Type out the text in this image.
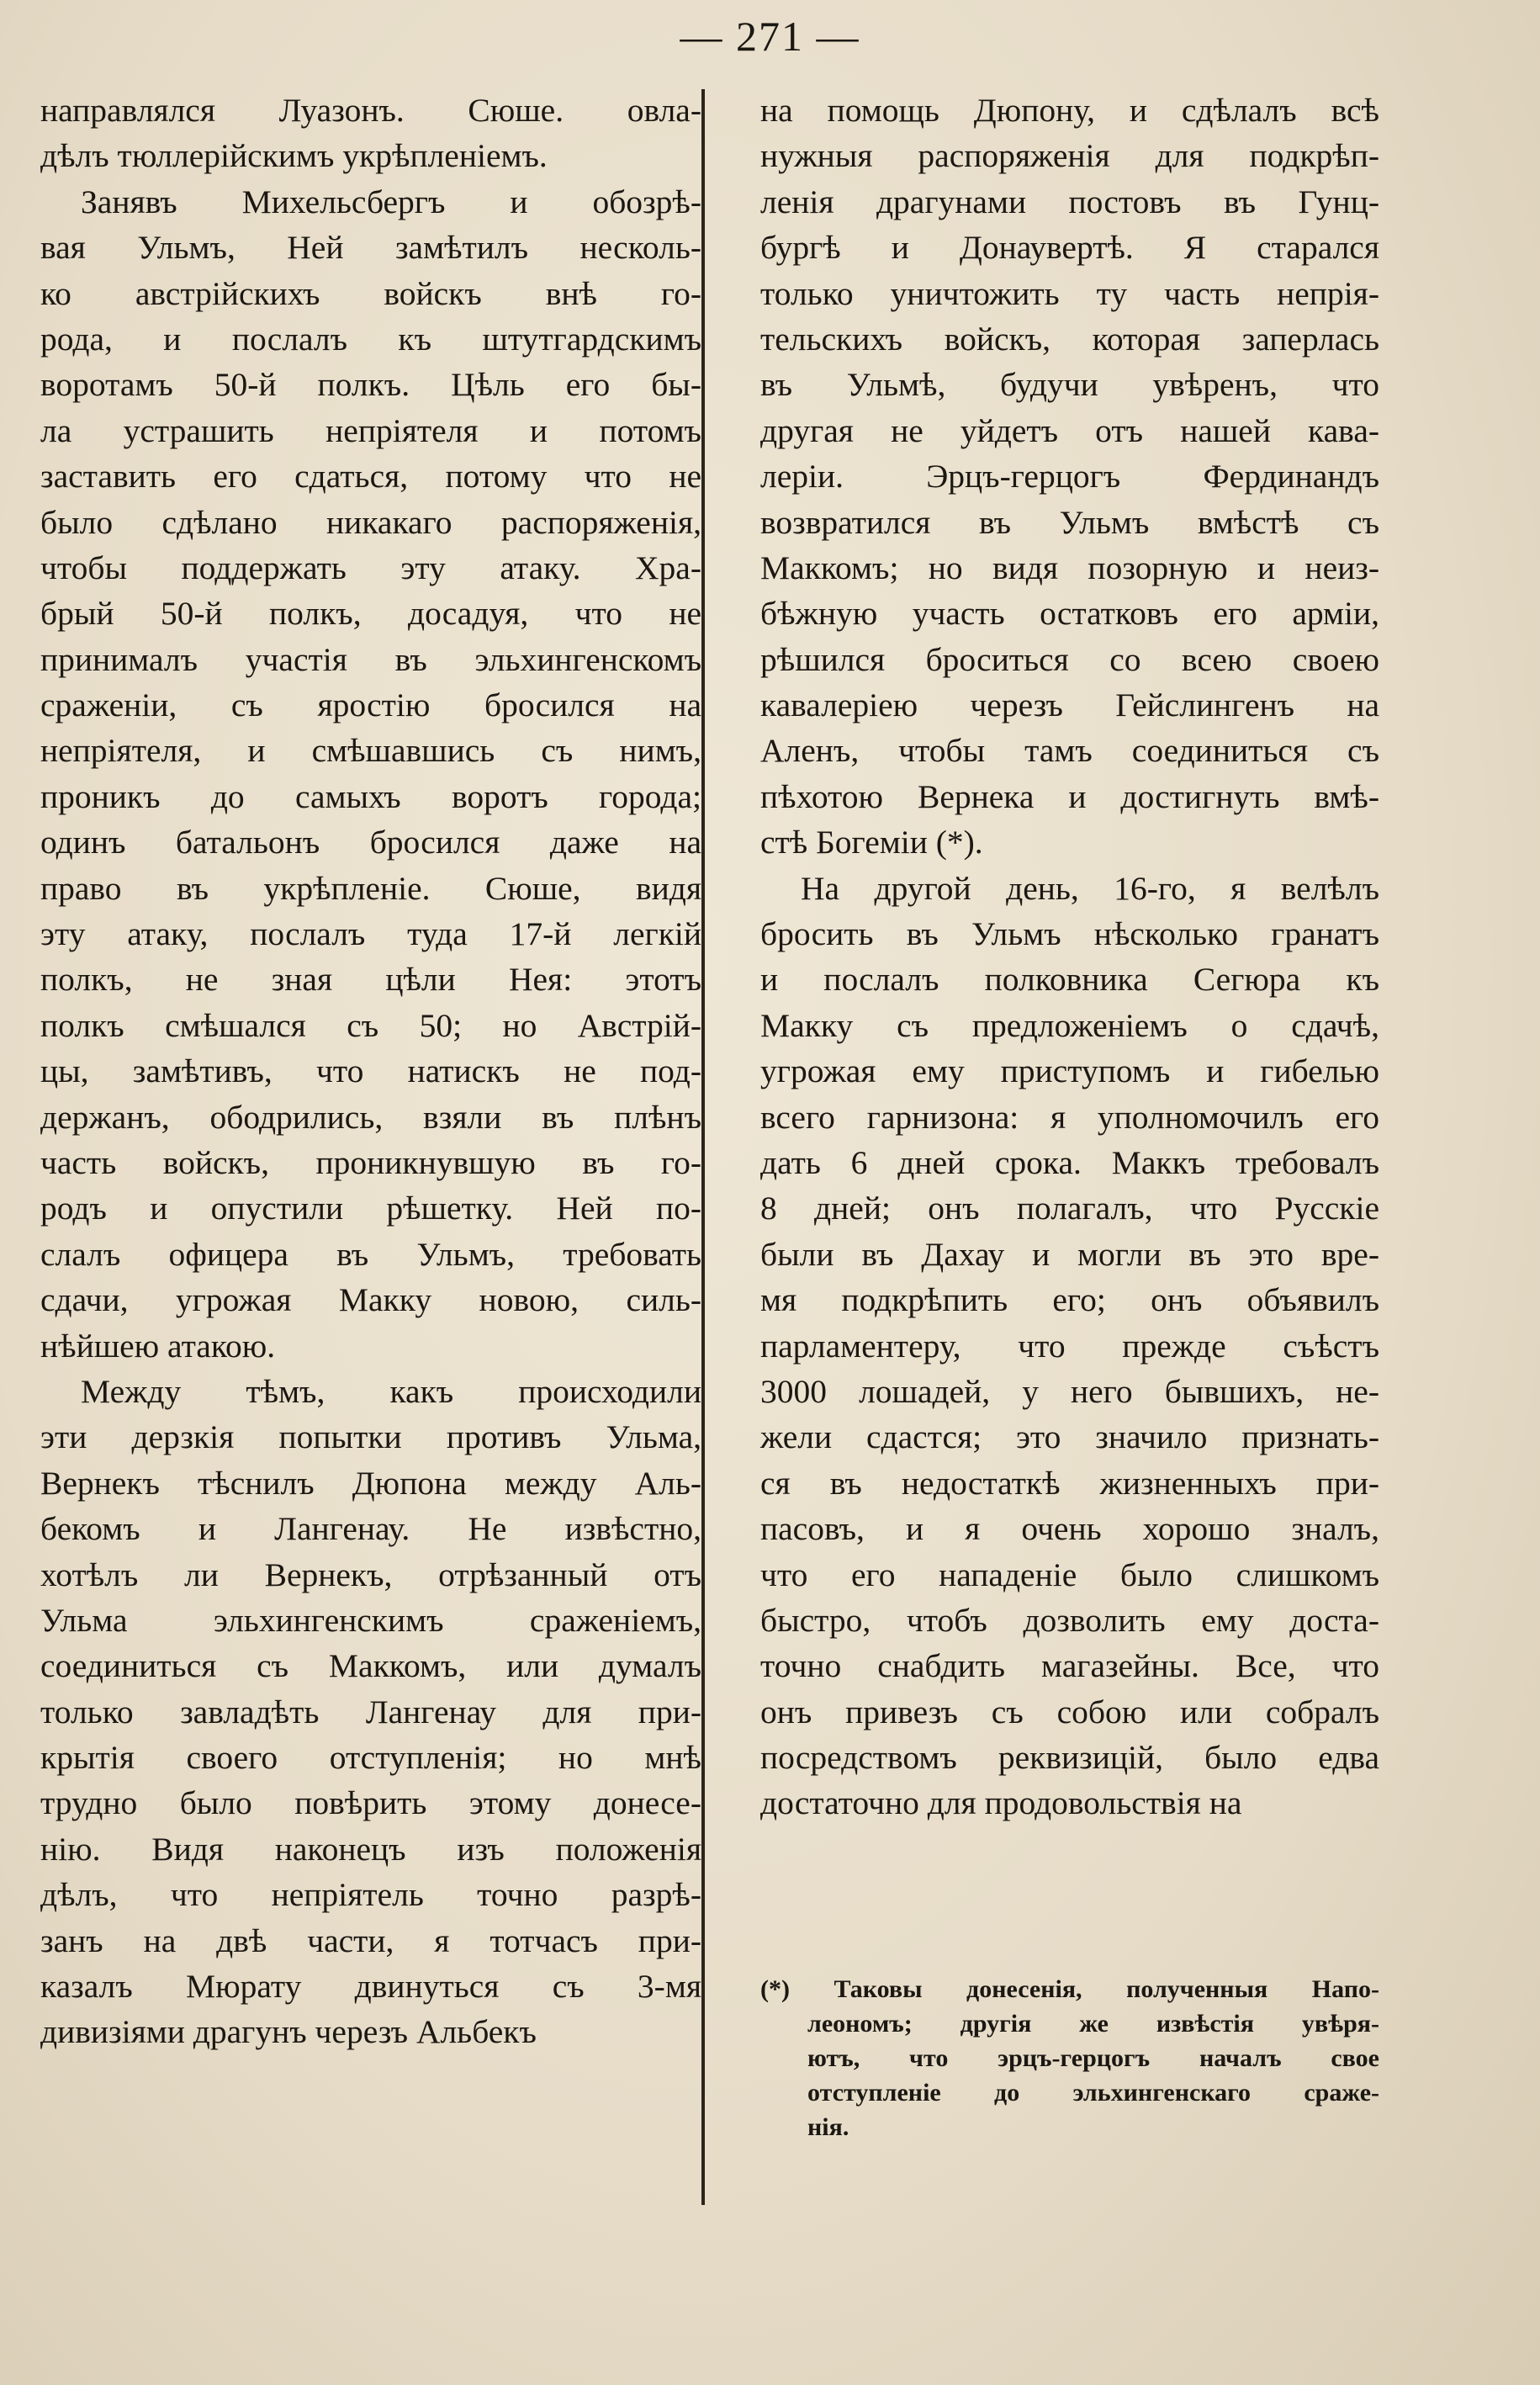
— 271 —
направлялся Луазонъ. Сюше. овла-
дѣлъ тюллерiйскимъ укрѣпленiемъ.
Занявъ Михельсбергъ и обозрѣ-
вая Ульмъ, Ней замѣтилъ несколь-
ко австрiйскихъ войскъ внѣ го-
рода, и послалъ къ штутгардскимъ
воротамъ 50-й полкъ. Цѣль его бы-
ла устрашить непрiятеля и потомъ
заставить его сдаться, потому что не
было сдѣлано никакаго распоряженiя,
чтобы поддержать эту атаку. Хра-
брый 50-й полкъ, досадуя, что не
принималъ участiя въ эльхингенскомъ
сраженiи, съ яростiю бросился на
непрiятеля, и смѣшавшись съ нимъ,
проникъ до самыхъ воротъ города;
одинъ батальонъ бросился даже на
право въ укрѣпленiе. Сюше, видя
эту атаку, послалъ туда 17-й легкiй
полкъ, не зная цѣли Нея: этотъ
полкъ смѣшался съ 50; но Австрiй-
цы, замѣтивъ, что натискъ не под-
держанъ, ободрились, взяли въ плѣнъ
часть войскъ, проникнувшую въ го-
родъ и опустили рѣшетку. Ней по-
слалъ офицера въ Ульмъ, требовать
сдачи, угрожая Макку новою, силь-
нѣйшею атакою.
Между тѣмъ, какъ происходили
эти дерзкiя попытки противъ Ульма,
Вернекъ тѣснилъ Дюпона между Аль-
бекомъ и Лангенау. Не извѣстно,
хотѣлъ ли Вернекъ, отрѣзанный отъ
Ульма эльхингенскимъ сраженiемъ,
соединиться съ Маккомъ, или думалъ
только завладѣть Лангенау для при-
крытiя своего отступленiя; но мнѣ
трудно было повѣрить этому донесе-
нiю. Видя наконецъ изъ положенiя
дѣлъ, что непрiятель точно разрѣ-
занъ на двѣ части, я тотчасъ при-
казалъ Мюрату двинуться съ 3-мя
дивизiями драгунъ черезъ Альбекъ
на помощь Дюпону, и сдѣлалъ всѣ
нужныя распоряженiя для подкрѣп-
ленiя драгунами постовъ въ Гунц-
бургѣ и Донаувертѣ. Я старался
только уничтожить ту часть непрiя-
тельскихъ войскъ, которая заперлась
въ Ульмѣ, будучи увѣренъ, что
другая не уйдетъ отъ нашей кава-
лерiи. Эрцъ-герцогъ Фердинандъ
возвратился въ Ульмъ вмѣстѣ съ
Маккомъ; но видя позорную и неиз-
бѣжную участь остатковъ его армiи,
рѣшился броситься со всею своею
кавалерiею черезъ Гейслингенъ на
Аленъ, чтобы тамъ соединиться съ
пѣхотою Вернека и достигнуть вмѣ-
стѣ Богемiи (*).
На другой день, 16-го, я велѣлъ
бросить въ Ульмъ нѣсколько гранатъ
и послалъ полковника Сегюра къ
Макку съ предложенiемъ о сдачѣ,
угрожая ему приступомъ и гибелью
всего гарнизона: я уполномочилъ его
дать 6 дней срока. Маккъ требовалъ
8 дней; онъ полагалъ, что Русскiе
были въ Дахау и могли въ это вре-
мя подкрѣпить его; онъ объявилъ
парламентеру, что прежде съѣстъ
3000 лошадей, у него бывшихъ, не-
жели сдастся; это значило признать-
ся въ недостаткѣ жизненныхъ при-
пасовъ, и я очень хорошо зналъ,
что его нападенiе было слишкомъ
быстро, чтобъ дозволить ему доста-
точно снабдить магазейны. Все, что
онъ привезъ съ собою или собралъ
посредствомъ реквизицiй, было едва
достаточно для продовольствiя на
(*) Таковы донесенiя, полученныя Напо-
леономъ; другiя же извѣстiя увѣря-
ютъ, что эрцъ-герцогъ началъ свое
отступленiе до эльхингенскаго сраже-
нiя.
